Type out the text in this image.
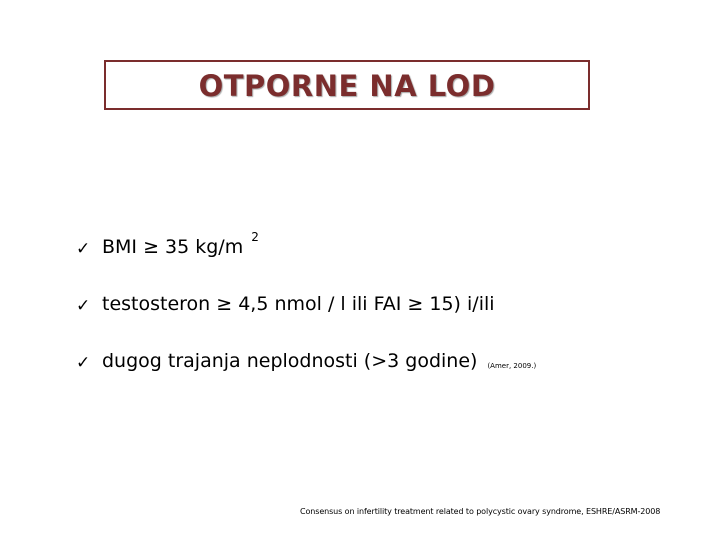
OTPORNE NA LOD
✓ BMI ≥ 35 kg/m 2
✓ testosteron ≥ 4,5 nmol / l ili FAI ≥ 15) i/ili
✓ dugog trajanja neplodnosti (>3 godine) (Amer, 2009.)
Consensus on infertility treatment related to polycystic ovary syndrome, ESHRE/ASRM-2008
